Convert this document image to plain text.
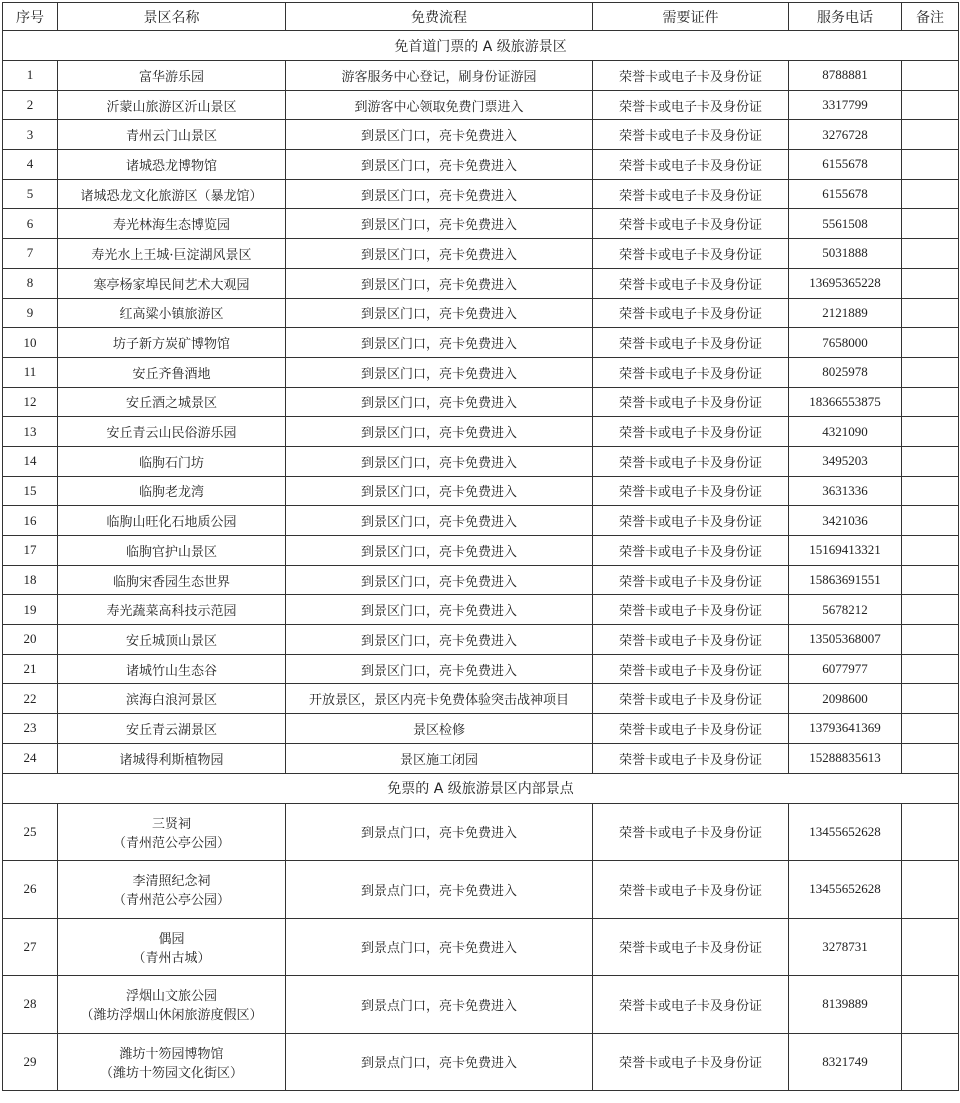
序号	景区名称	免费流程	需要证件	服务电话	备注
免首道门票的 A 级旅游景区					
1	富华游乐园	游客服务中心登记，刷身份证游园	荣誉卡或电子卡及身份证	8788881	
2	沂蒙山旅游区沂山景区	到游客中心领取免费门票进入	荣誉卡或电子卡及身份证	3317799	
3	青州云门山景区	到景区门口，亮卡免费进入	荣誉卡或电子卡及身份证	3276728	
4	诸城恐龙博物馆	到景区门口，亮卡免费进入	荣誉卡或电子卡及身份证	6155678	
5	诸城恐龙文化旅游区（暴龙馆）	到景区门口，亮卡免费进入	荣誉卡或电子卡及身份证	6155678	
6	寿光林海生态博览园	到景区门口，亮卡免费进入	荣誉卡或电子卡及身份证	5561508	
7	寿光水上王城·巨淀湖风景区	到景区门口，亮卡免费进入	荣誉卡或电子卡及身份证	5031888	
8	寒亭杨家埠民间艺术大观园	到景区门口，亮卡免费进入	荣誉卡或电子卡及身份证	13695365228	
9	红高粱小镇旅游区	到景区门口，亮卡免费进入	荣誉卡或电子卡及身份证	2121889	
10	坊子新方炭矿博物馆	到景区门口，亮卡免费进入	荣誉卡或电子卡及身份证	7658000	
11	安丘齐鲁酒地	到景区门口，亮卡免费进入	荣誉卡或电子卡及身份证	8025978	
12	安丘酒之城景区	到景区门口，亮卡免费进入	荣誉卡或电子卡及身份证	18366553875	
13	安丘青云山民俗游乐园	到景区门口，亮卡免费进入	荣誉卡或电子卡及身份证	4321090	
14	临朐石门坊	到景区门口，亮卡免费进入	荣誉卡或电子卡及身份证	3495203	
15	临朐老龙湾	到景区门口，亮卡免费进入	荣誉卡或电子卡及身份证	3631336	
16	临朐山旺化石地质公园	到景区门口，亮卡免费进入	荣誉卡或电子卡及身份证	3421036	
17	临朐官护山景区	到景区门口，亮卡免费进入	荣誉卡或电子卡及身份证	15169413321	
18	临朐宋香园生态世界	到景区门口，亮卡免费进入	荣誉卡或电子卡及身份证	15863691551	
19	寿光蔬菜高科技示范园	到景区门口，亮卡免费进入	荣誉卡或电子卡及身份证	5678212	
20	安丘城顶山景区	到景区门口，亮卡免费进入	荣誉卡或电子卡及身份证	13505368007	
21	诸城竹山生态谷	到景区门口，亮卡免费进入	荣誉卡或电子卡及身份证	6077977	
22	滨海白浪河景区	开放景区，景区内亮卡免费体验突击战神项目	荣誉卡或电子卡及身份证	2098600	
23	安丘青云湖景区	景区检修	荣誉卡或电子卡及身份证	13793641369	
24	诸城得利斯植物园	景区施工闭园	荣誉卡或电子卡及身份证	15288835613	
免票的 A 级旅游景区内部景点					
25	三贤祠
（青州范公亭公园）	到景点门口，亮卡免费进入	荣誉卡或电子卡及身份证	13455652628	
26	李清照纪念祠
（青州范公亭公园）	到景点门口，亮卡免费进入	荣誉卡或电子卡及身份证	13455652628	
27	偶园
（青州古城）	到景点门口，亮卡免费进入	荣誉卡或电子卡及身份证	3278731	
28	浮烟山文旅公园
（潍坊浮烟山休闲旅游度假区）	到景点门口，亮卡免费进入	荣誉卡或电子卡及身份证	8139889	
29	潍坊十笏园博物馆
（潍坊十笏园文化街区）	到景点门口，亮卡免费进入	荣誉卡或电子卡及身份证	8321749	
